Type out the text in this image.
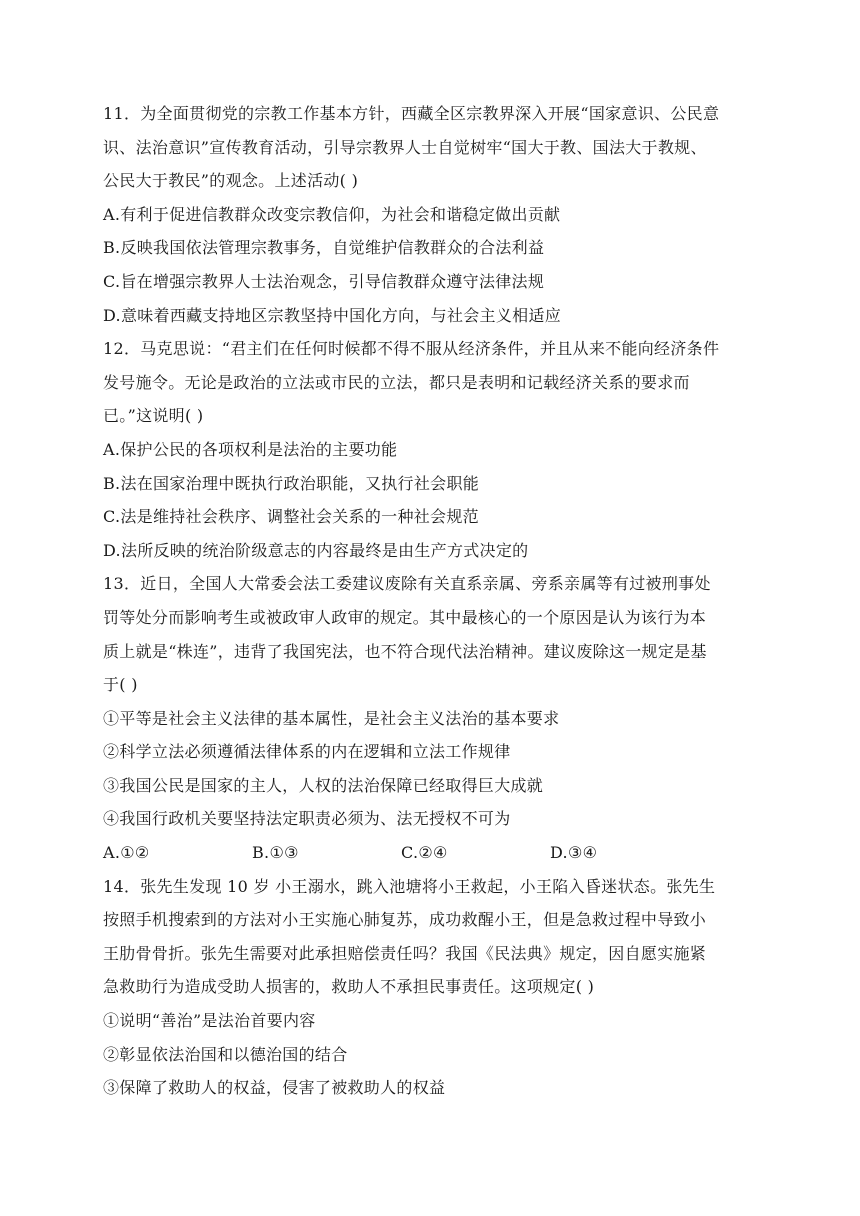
11．为全面贯彻党的宗教工作基本方针，西藏全区宗教界深入开展“国家意识、公民意
识、法治意识”宣传教育活动，引导宗教界人士自觉树牢“国大于教、国法大于教规、
公民大于教民”的观念。上述活动( )
A.有利于促进信教群众改变宗教信仰，为社会和谐稳定做出贡献
B.反映我国依法管理宗教事务，自觉维护信教群众的合法利益
C.旨在增强宗教界人士法治观念，引导信教群众遵守法律法规
D.意味着西藏支持地区宗教坚持中国化方向，与社会主义相适应
12．马克思说：“君主们在任何时候都不得不服从经济条件，并且从来不能向经济条件
发号施令。无论是政治的立法或市民的立法，都只是表明和记载经济关系的要求而
已。”这说明( )
A.保护公民的各项权利是法治的主要功能
B.法在国家治理中既执行政治职能，又执行社会职能
C.法是维持社会秩序、调整社会关系的一种社会规范
D.法所反映的统治阶级意志的内容最终是由生产方式决定的
13．近日，全国人大常委会法工委建议废除有关直系亲属、旁系亲属等有过被刑事处
罚等处分而影响考生或被政审人政审的规定。其中最核心的一个原因是认为该行为本
质上就是“株连”，违背了我国宪法，也不符合现代法治精神。建议废除这一规定是基
于( )
①平等是社会主义法律的基本属性，是社会主义法治的基本要求
②科学立法必须遵循法律体系的内在逻辑和立法工作规律
③我国公民是国家的主人，人权的法治保障已经取得巨大成就
④我国行政机关要坚持法定职责必须为、法无授权不可为
A.①②	B.①③	C.②④	D.③④
14．张先生发现 10 岁 小王溺水，跳入池塘将小王救起，小王陷入昏迷状态。张先生
按照手机搜索到的方法对小王实施心肺复苏，成功救醒小王，但是急救过程中导致小
王肋骨骨折。张先生需要对此承担赔偿责任吗？我国《民法典》规定，因自愿实施紧
急救助行为造成受助人损害的，救助人不承担民事责任。这项规定( )
①说明“善治”是法治首要内容
②彰显依法治国和以德治国的结合
③保障了救助人的权益，侵害了被救助人的权益
